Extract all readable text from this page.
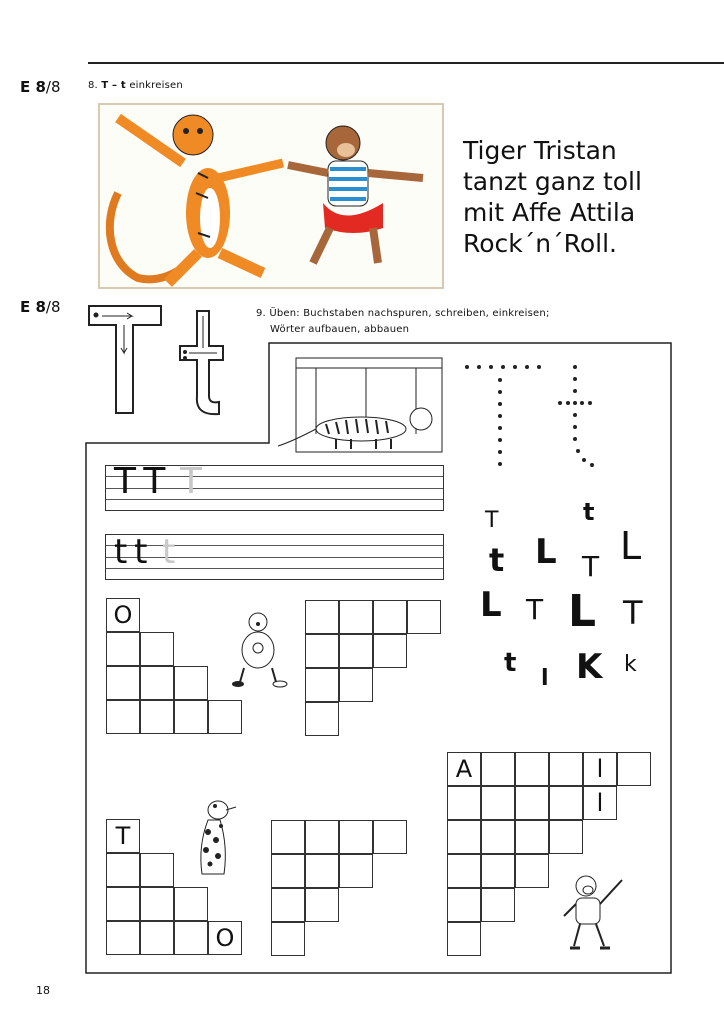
E 8/8	8. T – t einkreisen
Tiger Tristan
tanzt ganz toll
mit Affe Attila
Rock´n´Roll.
E 8/8	9. Üben: Buchstaben nachspuren, schreiben, einkreisen;
Wörter aufbauen, abbauen
T T T
t t t
T	t
t L T L
L T L T
t
l K k
O
T
O
A	l
l
18
